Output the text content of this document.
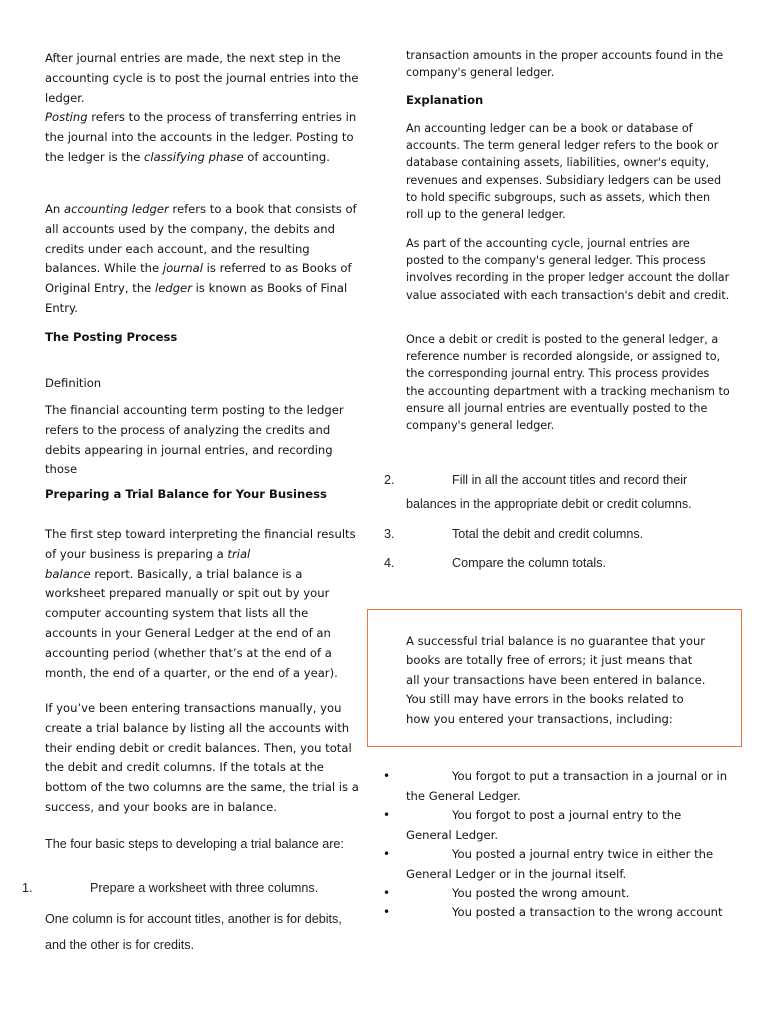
After journal entries are made, the next step in the accounting cycle is to post the journal entries into the ledger.
Posting refers to the process of transferring entries in the journal into the accounts in the ledger. Posting to the ledger is the classifying phase of accounting.

An accounting ledger refers to a book that consists of all accounts used by the company, the debits and credits under each account, and the resulting balances. While the journal is referred to as Books of Original Entry, the ledger is known as Books of Final Entry.

The Posting Process

Definition

The financial accounting term posting to the ledger refers to the process of analyzing the credits and debits appearing in journal entries, and recording those

Preparing a Trial Balance for Your Business

The first step toward interpreting the financial results of your business is preparing a trial
balance report. Basically, a trial balance is a worksheet prepared manually or spit out by your computer accounting system that lists all the accounts in your General Ledger at the end of an accounting period (whether that’s at the end of a month, the end of a quarter, or the end of a year).

If you’ve been entering transactions manually, you create a trial balance by listing all the accounts with their ending debit or credit balances. Then, you total the debit and credit columns. If the totals at the bottom of the two columns are the same, the trial is a success, and your books are in balance.

The four basic steps to developing a trial balance are:

1.	Prepare a worksheet with three columns.

One column is for account titles, another is for debits, and the other is for credits.

transaction amounts in the proper accounts found in the company's general ledger.

Explanation

An accounting ledger can be a book or database of accounts. The term general ledger refers to the book or database containing assets, liabilities, owner's equity, revenues and expenses. Subsidiary ledgers can be used to hold specific subgroups, such as assets, which then roll up to the general ledger.

As part of the accounting cycle, journal entries are posted to the company's general ledger. This process involves recording in the proper ledger account the dollar value associated with each transaction's debit and credit.

Once a debit or credit is posted to the general ledger, a reference number is recorded alongside, or assigned to, the corresponding journal entry. This process provides the accounting department with a tracking mechanism to ensure all journal entries are eventually posted to the company's general ledger.

2.	Fill in all the account titles and record their
balances in the appropriate debit or credit columns.
3.	Total the debit and credit columns.
4.	Compare the column totals.

A successful trial balance is no guarantee that your books are totally free of errors; it just means that all your transactions have been entered in balance. You still may have errors in the books related to how you entered your transactions, including:

•	You forgot to put a transaction in a journal or in
the General Ledger.
•	You forgot to post a journal entry to the
General Ledger.
•	You posted a journal entry twice in either the
General Ledger or in the journal itself.
•	You posted the wrong amount.
•	You posted a transaction to the wrong account
